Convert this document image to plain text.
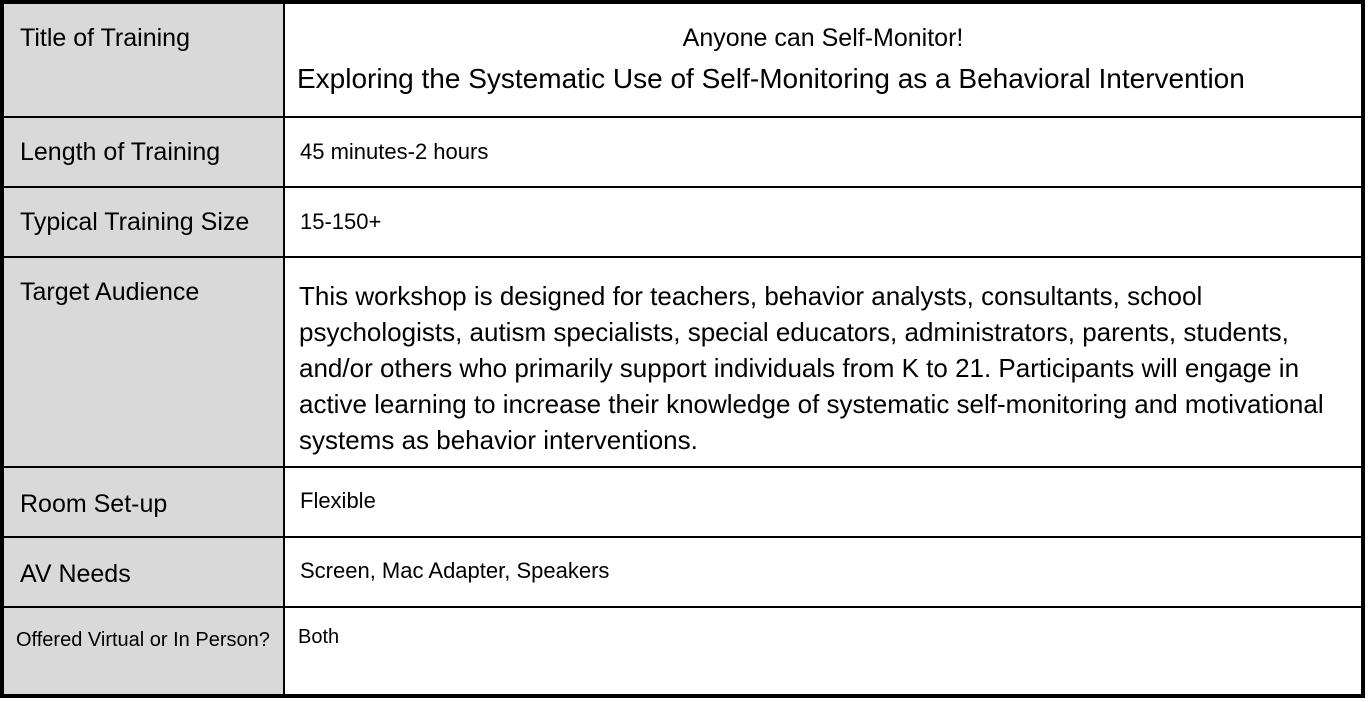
Title of Training	Anyone can Self-Monitor!
Exploring the Systematic Use of Self-Monitoring as a Behavioral Intervention

Length of Training	45 minutes-2 hours
Typical Training Size	15-150+
Target Audience	This workshop is designed for teachers, behavior analysts, consultants, school psychologists, autism specialists, special educators, administrators, parents, students, and/or others who primarily support individuals from K to 21. Participants will engage in active learning to increase their knowledge of systematic self-monitoring and motivational systems as behavior interventions.
Room Set-up	Flexible
AV Needs	Screen, Mac Adapter, Speakers
Offered Virtual or In Person?	Both
